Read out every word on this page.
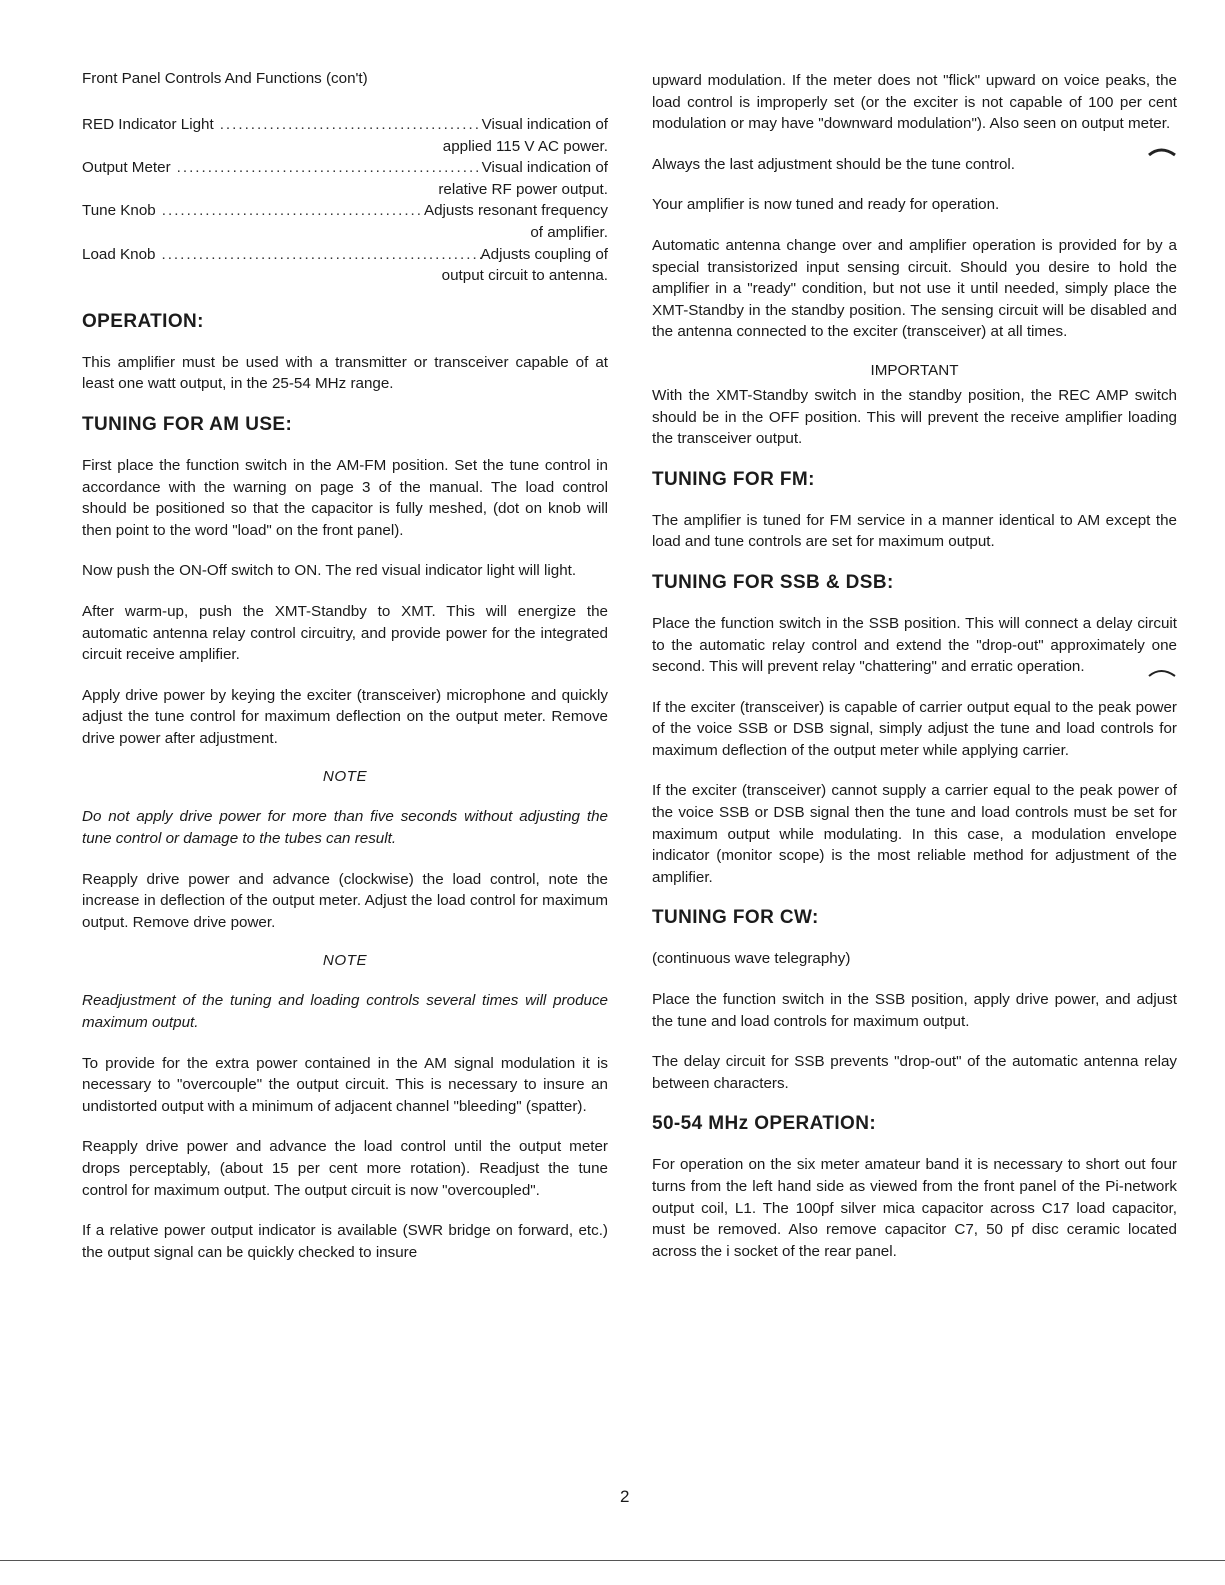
Front Panel Controls And Functions (con't)
RED Indicator Light .....	Visual indication of
applied 115 V AC power.
Output Meter .....	Visual indication of
relative RF power output.
Tune Knob .....	Adjusts resonant frequency
of amplifier.
Load Knob .....	Adjusts coupling of
output circuit to antenna.
OPERATION:

This amplifier must be used with a transmitter or transceiver capable of at least one watt output, in the 25-54 MHz range.

TUNING FOR AM USE:

First place the function switch in the AM-FM position. Set the tune control in accordance with the warning on page 3 of the manual. The load control should be positioned so that the capacitor is fully meshed, (dot on knob will then point to the word "load" on the front panel).

Now push the ON-Off switch to ON. The red visual indicator light will light.

After warm-up, push the XMT-Standby to XMT. This will energize the automatic antenna relay control circuitry, and provide power for the integrated circuit receive amplifier.

Apply drive power by keying the exciter (transceiver) microphone and quickly adjust the tune control for maximum deflection on the output meter. Remove drive power after adjustment.

NOTE

Do not apply drive power for more than five seconds without adjusting the tune control or damage to the tubes can result.

Reapply drive power and advance (clockwise) the load control, note the increase in deflection of the output meter. Adjust the load control for maximum output. Remove drive power.

NOTE

Readjustment of the tuning and loading controls several times will produce maximum output.

To provide for the extra power contained in the AM signal modulation it is necessary to "overcouple" the output circuit. This is necessary to insure an undistorted output with a minimum of adjacent channel "bleeding" (spatter).

Reapply drive power and advance the load control until the output meter drops perceptably, (about 15 per cent more rotation). Readjust the tune control for maximum output. The output circuit is now "overcoupled".

If a relative power output indicator is available (SWR bridge on forward, etc.) the output signal can be quickly checked to insure

upward modulation. If the meter does not "flick" upward on voice peaks, the load control is improperly set (or the exciter is not capable of 100 per cent modulation or may have "downward modulation"). Also seen on output meter.

Always the last adjustment should be the tune control.

Your amplifier is now tuned and ready for operation.

Automatic antenna change over and amplifier operation is provided for by a special transistorized input sensing circuit. Should you desire to hold the amplifier in a "ready" condition, but not use it until needed, simply place the XMT-Standby in the standby position. The sensing circuit will be disabled and the antenna connected to the exciter (transceiver) at all times.

IMPORTANT

With the XMT-Standby switch in the standby position, the REC AMP switch should be in the OFF position. This will prevent the receive amplifier loading the transceiver output.

TUNING FOR FM:

The amplifier is tuned for FM service in a manner identical to AM except the load and tune controls are set for maximum output.

TUNING FOR SSB & DSB:

Place the function switch in the SSB position. This will connect a delay circuit to the automatic relay control and extend the "drop-out" approximately one second. This will prevent relay "chattering" and erratic operation.

If the exciter (transceiver) is capable of carrier output equal to the peak power of the voice SSB or DSB signal, simply adjust the tune and load controls for maximum deflection of the output meter while applying carrier.

If the exciter (transceiver) cannot supply a carrier equal to the peak power of the voice SSB or DSB signal then the tune and load controls must be set for maximum output while modulating. In this case, a modulation envelope indicator (monitor scope) is the most reliable method for adjustment of the amplifier.

TUNING FOR CW:

(continuous wave telegraphy)

Place the function switch in the SSB position, apply drive power, and adjust the tune and load controls for maximum output.

The delay circuit for SSB prevents "drop-out" of the automatic antenna relay between characters.

50-54 MHz OPERATION:

For operation on the six meter amateur band it is necessary to short out four turns from the left hand side as viewed from the front panel of the Pi-network output coil, L1. The 100pf silver mica capacitor across C17 load capacitor, must be removed. Also remove capacitor C7, 50 pf disc ceramic located across the i socket of the rear panel.

2
